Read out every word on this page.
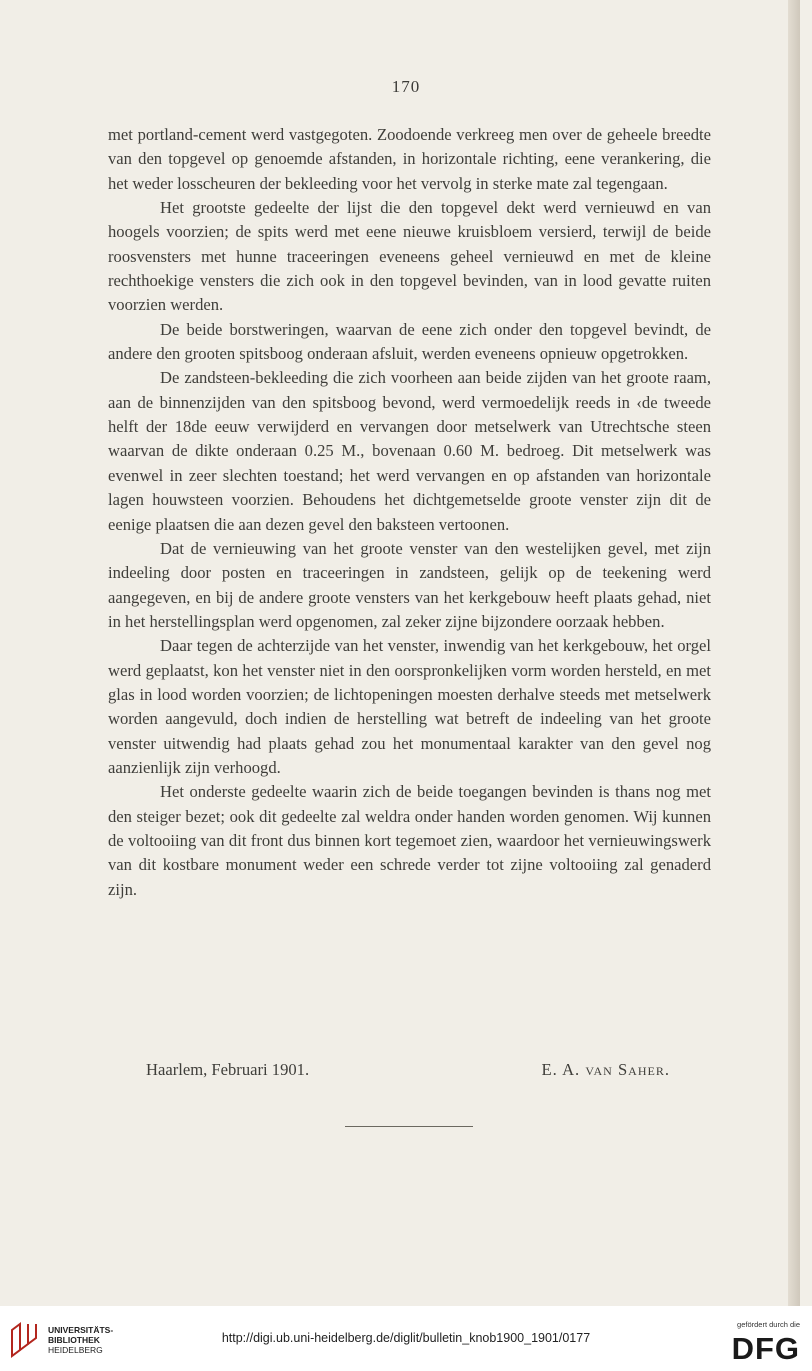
170

met portland-cement werd vastgegoten. Zoodoende verkreeg men over de geheele breedte van den topgevel op genoemde afstanden, in horizontale richting, eene verankering, die het weder losscheuren der bekleeding voor het vervolg in sterke mate zal tegengaan.

Het grootste gedeelte der lijst die den topgevel dekt werd vernieuwd en van hoogels voorzien; de spits werd met eene nieuwe kruisbloem versierd, terwijl de beide roosvensters met hunne traceeringen eveneens geheel vernieuwd en met de kleine rechthoekige vensters die zich ook in den topgevel bevinden, van in lood gevatte ruiten voorzien werden.

De beide borstweringen, waarvan de eene zich onder den topgevel bevindt, de andere den grooten spitsboog onderaan afsluit, werden eveneens opnieuw opgetrokken.

De zandsteen-bekleeding die zich voorheen aan beide zijden van het groote raam, aan de binnenzijden van den spitsboog bevond, werd vermoedelijk reeds in ‹de tweede helft der 18de eeuw verwijderd en vervangen door metselwerk van Utrechtsche steen waarvan de dikte onderaan 0.25 M., bovenaan 0.60 M. bedroeg. Dit metselwerk was evenwel in zeer slechten toestand; het werd vervangen en op afstanden van horizontale lagen houwsteen voorzien. Behoudens het dichtgemetselde groote venster zijn dit de eenige plaatsen die aan dezen gevel den baksteen vertoonen.

Dat de vernieuwing van het groote venster van den westelijken gevel, met zijn indeeling door posten en traceeringen in zandsteen, gelijk op de teekening werd aangegeven, en bij de andere groote vensters van het kerkgebouw heeft plaats gehad, niet in het herstellingsplan werd opgenomen, zal zeker zijne bijzondere oorzaak hebben.

Daar tegen de achterzijde van het venster, inwendig van het kerkgebouw, het orgel werd geplaatst, kon het venster niet in den oorspronkelijken vorm worden hersteld, en met glas in lood worden voorzien; de lichtopeningen moesten derhalve steeds met metselwerk worden aangevuld, doch indien de herstelling wat betreft de indeeling van het groote venster uitwendig had plaats gehad zou het monumentaal karakter van den gevel nog aanzienlijk zijn verhoogd.

Het onderste gedeelte waarin zich de beide toegangen bevinden is thans nog met den steiger bezet; ook dit gedeelte zal weldra onder handen worden genomen. Wij kunnen de voltooiing van dit front dus binnen kort tegemoet zien, waardoor het vernieuwingswerk van dit kostbare monument weder een schrede verder tot zijne voltooiing zal genaderd zijn.

Haarlem, Februari 1901.	E. A. van Saher.
UNIVERSITÄTS-
BIBLIOTHEK
HEIDELBERG
http://digi.ub.uni-heidelberg.de/diglit/bulletin_knob1900_1901/0177
gefördert durch die
DFG
